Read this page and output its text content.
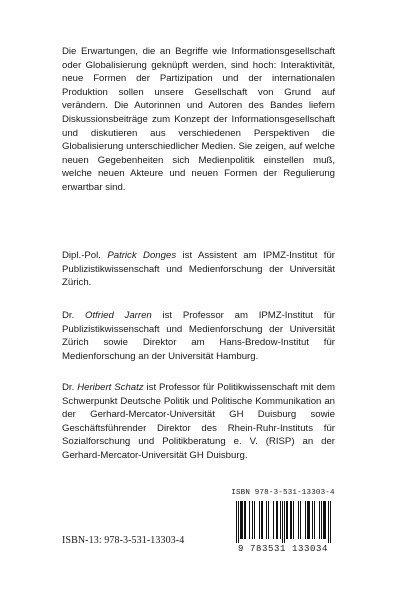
Die Erwartungen, die an Begriffe wie Informationsgesellschaft oder Globalisierung geknüpft werden, sind hoch: Interaktivität, neue Formen der Partizipation und der internationalen Produktion sollen unsere Gesellschaft von Grund auf verändern. Die Autorinnen und Autoren des Bandes liefern Diskussionsbeiträge zum Konzept der Informationsgesellschaft und diskutieren aus verschiedenen Perspektiven die Globalisierung unterschiedlicher Medien. Sie zeigen, auf welche neuen Gegebenheiten sich Medienpolitik einstellen muß, welche neuen Akteure und neuen Formen der Regulierung erwartbar sind.

Dipl.-Pol. Patrick Donges ist Assistent am IPMZ-Institut für Publizistikwissenschaft und Medienforschung der Universität Zürich.

Dr. Otfried Jarren ist Professor am IPMZ-Institut für Publizistikwissenschaft und Medienforschung der Universität Zürich sowie Direktor am Hans-Bredow-Institut für Medienforschung an der Universität Hamburg.

Dr. Heribert Schatz ist Professor für Politikwissenschaft mit dem Schwerpunkt Deutsche Politik und Politische Kommunikation an der Gerhard-Mercator-Universität GH Duisburg sowie Geschäftsführender Direktor des Rhein-Ruhr-Instituts für Sozialforschung und Politikberatung e. V. (RISP) an der Gerhard-Mercator-Universität GH Duisburg.

ISBN-13: 978-3-531-13303-4
ISBN 978-3-531-13303-4
9 783531 133034
